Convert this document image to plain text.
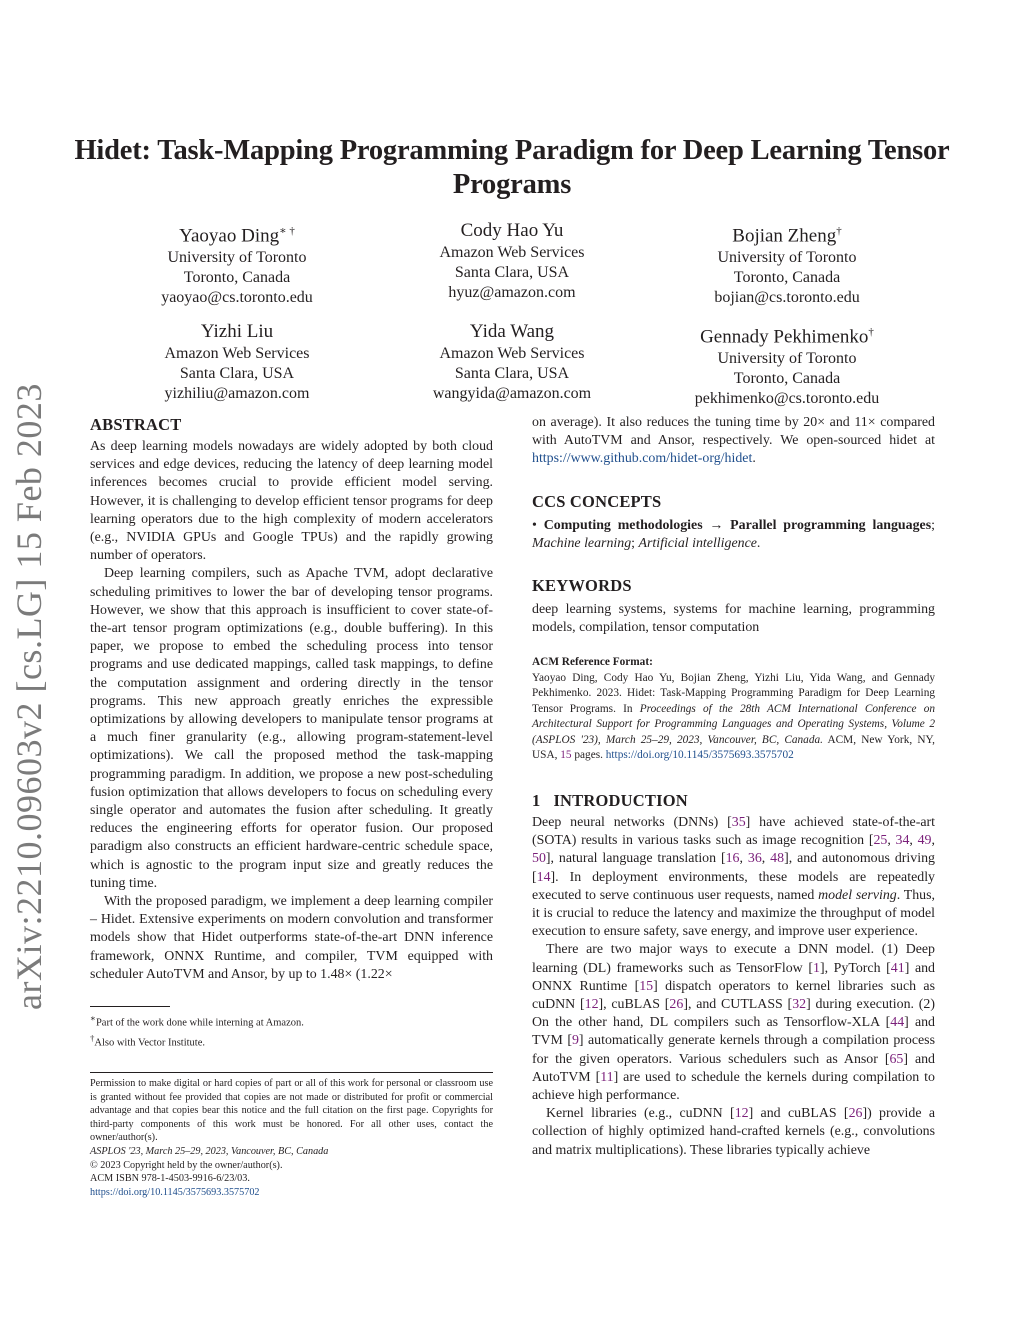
Hidet: Task-Mapping Programming Paradigm for Deep Learning Tensor Programs
arXiv:2210.09603v2 [cs.LG] 15 Feb 2023
Yaoyao Ding∗ †
University of Toronto
Toronto, Canada
yaoyao@cs.toronto.edu
Cody Hao Yu
Amazon Web Services
Santa Clara, USA
hyuz@amazon.com
Bojian Zheng†
University of Toronto
Toronto, Canada
bojian@cs.toronto.edu
Yizhi Liu
Amazon Web Services
Santa Clara, USA
yizhiliu@amazon.com
Yida Wang
Amazon Web Services
Santa Clara, USA
wangyida@amazon.com
Gennady Pekhimenko†
University of Toronto
Toronto, Canada
pekhimenko@cs.toronto.edu
ABSTRACT

As deep learning models nowadays are widely adopted by both cloud services and edge devices, reducing the latency of deep learning model inferences becomes crucial to provide efficient model serving. However, it is challenging to develop efficient tensor programs for deep learning operators due to the high complexity of modern accelerators (e.g., NVIDIA GPUs and Google TPUs) and the rapidly growing number of operators.

Deep learning compilers, such as Apache TVM, adopt declarative scheduling primitives to lower the bar of developing tensor programs. However, we show that this approach is insufficient to cover state-of-the-art tensor program optimizations (e.g., double buffering). In this paper, we propose to embed the scheduling process into tensor programs and use dedicated mappings, called task mappings, to define the computation assignment and ordering directly in the tensor programs. This new approach greatly enriches the expressible optimizations by allowing developers to manipulate tensor programs at a much finer granularity (e.g., allowing program-statement-level optimizations). We call the proposed method the task-mapping programming paradigm. In addition, we propose a new post-scheduling fusion optimization that allows developers to focus on scheduling every single operator and automates the fusion after scheduling. It greatly reduces the engineering efforts for operator fusion. Our proposed paradigm also constructs an efficient hardware-centric schedule space, which is agnostic to the program input size and greatly reduces the tuning time.

With the proposed paradigm, we implement a deep learning compiler – Hidet. Extensive experiments on modern convolution and transformer models show that Hidet outperforms state-of-the-art DNN inference framework, ONNX Runtime, and compiler, TVM equipped with scheduler AutoTVM and Ansor, by up to 1.48× (1.22×

∗Part of the work done while interning at Amazon.
†Also with Vector Institute.
Permission to make digital or hard copies of part or all of this work for personal or classroom use is granted without fee provided that copies are not made or distributed for profit or commercial advantage and that copies bear this notice and the full citation on the first page. Copyrights for third-party components of this work must be honored. For all other uses, contact the owner/author(s).
ASPLOS '23, March 25–29, 2023, Vancouver, BC, Canada
© 2023 Copyright held by the owner/author(s).
ACM ISBN 978-1-4503-9916-6/23/03.
https://doi.org/10.1145/3575693.3575702

on average). It also reduces the tuning time by 20× and 11× compared with AutoTVM and Ansor, respectively. We open-sourced hidet at https://www.github.com/hidet-org/hidet.

CCS CONCEPTS

• Computing methodologies → Parallel programming languages; Machine learning; Artificial intelligence.

KEYWORDS

deep learning systems, systems for machine learning, programming models, compilation, tensor computation

ACM Reference Format:

Yaoyao Ding, Cody Hao Yu, Bojian Zheng, Yizhi Liu, Yida Wang, and Gennady Pekhimenko. 2023. Hidet: Task-Mapping Programming Paradigm for Deep Learning Tensor Programs. In Proceedings of the 28th ACM International Conference on Architectural Support for Programming Languages and Operating Systems, Volume 2 (ASPLOS '23), March 25–29, 2023, Vancouver, BC, Canada. ACM, New York, NY, USA, 15 pages. https://doi.org/10.1145/3575693.3575702

1 INTRODUCTION

Deep neural networks (DNNs) [35] have achieved state-of-the-art (SOTA) results in various tasks such as image recognition [25, 34, 49, 50], natural language translation [16, 36, 48], and autonomous driving [14]. In deployment environments, these models are repeatedly executed to serve continuous user requests, named model serving. Thus, it is crucial to reduce the latency and maximize the throughput of model execution to ensure safety, save energy, and improve user experience.

There are two major ways to execute a DNN model. (1) Deep learning (DL) frameworks such as TensorFlow [1], PyTorch [41] and ONNX Runtime [15] dispatch operators to kernel libraries such as cuDNN [12], cuBLAS [26], and CUTLASS [32] during execution. (2) On the other hand, DL compilers such as Tensorflow-XLA [44] and TVM [9] automatically generate kernels through a compilation process for the given operators. Various schedulers such as Ansor [65] and AutoTVM [11] are used to schedule the kernels during compilation to achieve high performance.

Kernel libraries (e.g., cuDNN [12] and cuBLAS [26]) provide a collection of highly optimized hand-crafted kernels (e.g., convolutions and matrix multiplications). These libraries typically achieve
